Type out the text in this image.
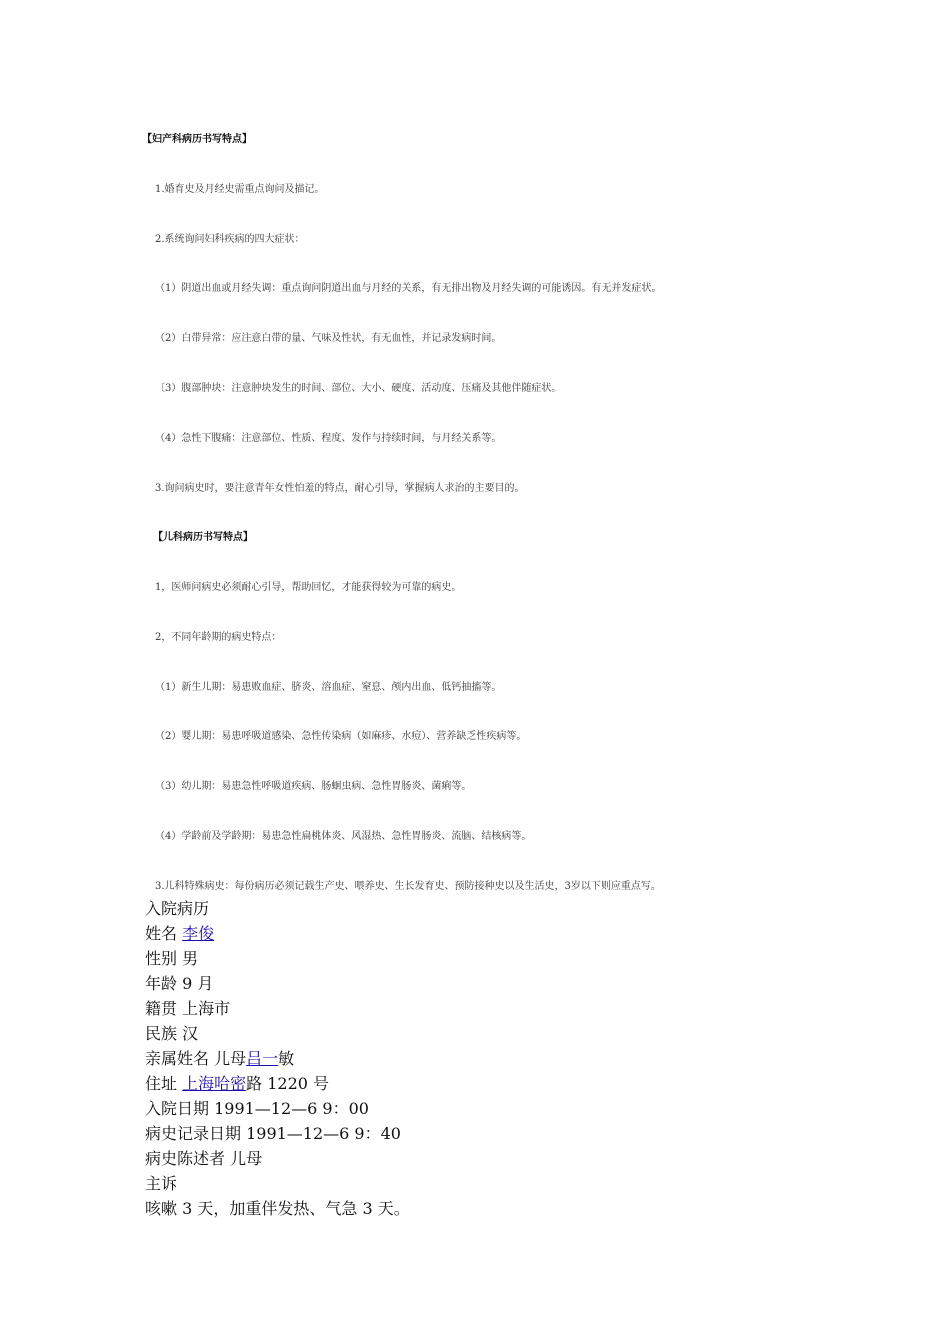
【妇产科病历书写特点】
1.婚育史及月经史需重点询问及描记。
2.系统询问妇科疾病的四大症状：
（1）阴道出血或月经失调：重点询问阴道出血与月经的关系，有无排出物及月经失调的可能诱因。有无并发症状。
（2）白带异常：应注意白带的量、气味及性状，有无血性，并记录发病时间。
〔3）腹部肿块：注意肿块发生的时间、部位、大小、硬度、活动度、压痛及其他伴随症状。
（4）急性下腹痛：注意部位、性质、程度、发作与持续时间，与月经关系等。
3.询问病史时，要注意青年女性怕羞的特点，耐心引导，掌握病人求治的主要目的。
【儿科病历书写特点】
1，医师问病史必须耐心引导，帮助回忆，才能获得较为可靠的病史。
2，不同年龄期的病史特点：
（1）新生儿期：易患败血症、脐炎、溶血症、窒息、颅内出血、低钙抽搐等。
（2）婴儿期：易患呼吸道感染、急性传染病（如麻疹、水痘）、营养缺乏性疾病等。
（3）幼儿期：易患急性呼吸道疾病、肠蛔虫病、急性胃肠炎、菌痢等。
（4）学龄前及学龄期：易患急性扁桃体炎、风湿热、急性胃肠炎、流脑、结核病等。
3.儿科特殊病史：每份病历必须记载生产史、喂养史、生长发育史、预防接种史以及生活史，3岁以下则应重点写。
入院病历
姓名 李俊
性别 男
年龄 9 月
籍贯 上海市
民族 汉
亲属姓名 儿母吕一敏
住址 上海哈密路 1220 号
入院日期 1991—12—6 9：00
病史记录日期 1991—12—6 9：40
病史陈述者 儿母
主诉
咳嗽 3 天，加重伴发热、气急 3 天。
